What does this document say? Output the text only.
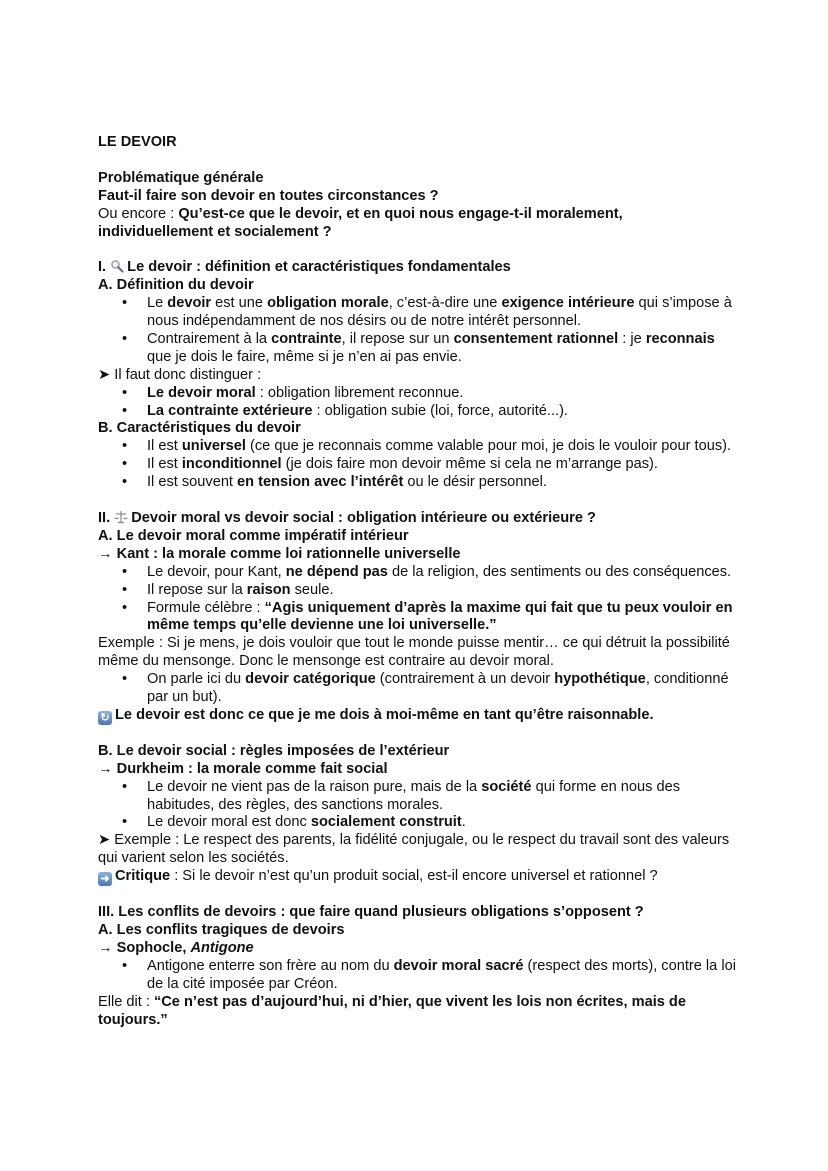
LE DEVOIR
Problématique générale
Faut-il faire son devoir en toutes circonstances ?
Ou encore : Qu’est-ce que le devoir, et en quoi nous engage-t-il moralement, individuellement et socialement ?
I. Le devoir : définition et caractéristiques fondamentales
A. Définition du devoir
• Le devoir est une obligation morale, c’est-à-dire une exigence intérieure qui s’impose à nous indépendamment de nos désirs ou de notre intérêt personnel.
• Contrairement à la contrainte, il repose sur un consentement rationnel : je reconnais que je dois le faire, même si je n’en ai pas envie.
➤ Il faut donc distinguer :
• Le devoir moral : obligation librement reconnue.
• La contrainte extérieure : obligation subie (loi, force, autorité...).
B. Caractéristiques du devoir
• Il est universel (ce que je reconnais comme valable pour moi, je dois le vouloir pour tous).
• Il est inconditionnel (je dois faire mon devoir même si cela ne m’arrange pas).
• Il est souvent en tension avec l’intérêt ou le désir personnel.
II. Devoir moral vs devoir social : obligation intérieure ou extérieure ?
A. Le devoir moral comme impératif intérieur
→ Kant : la morale comme loi rationnelle universelle
• Le devoir, pour Kant, ne dépend pas de la religion, des sentiments ou des conséquences.
• Il repose sur la raison seule.
• Formule célèbre : “Agis uniquement d’après la maxime qui fait que tu peux vouloir en même temps qu’elle devienne une loi universelle.”
Exemple : Si je mens, je dois vouloir que tout le monde puisse mentir… ce qui détruit la possibilité même du mensonge. Donc le mensonge est contraire au devoir moral.
• On parle ici du devoir catégorique (contrairement à un devoir hypothétique, conditionné par un but).
↻ Le devoir est donc ce que je me dois à moi-même en tant qu’être raisonnable.
B. Le devoir social : règles imposées de l’extérieur
→ Durkheim : la morale comme fait social
• Le devoir ne vient pas de la raison pure, mais de la société qui forme en nous des habitudes, des règles, des sanctions morales.
• Le devoir moral est donc socialement construit.
➤ Exemple : Le respect des parents, la fidélité conjugale, ou le respect du travail sont des valeurs qui varient selon les sociétés.
➜ Critique : Si le devoir n’est qu’un produit social, est-il encore universel et rationnel ?
III. Les conflits de devoirs : que faire quand plusieurs obligations s’opposent ?
A. Les conflits tragiques de devoirs
→ Sophocle, Antigone
• Antigone enterre son frère au nom du devoir moral sacré (respect des morts), contre la loi de la cité imposée par Créon.
Elle dit : “Ce n’est pas d’aujourd’hui, ni d’hier, que vivent les lois non écrites, mais de toujours.”
